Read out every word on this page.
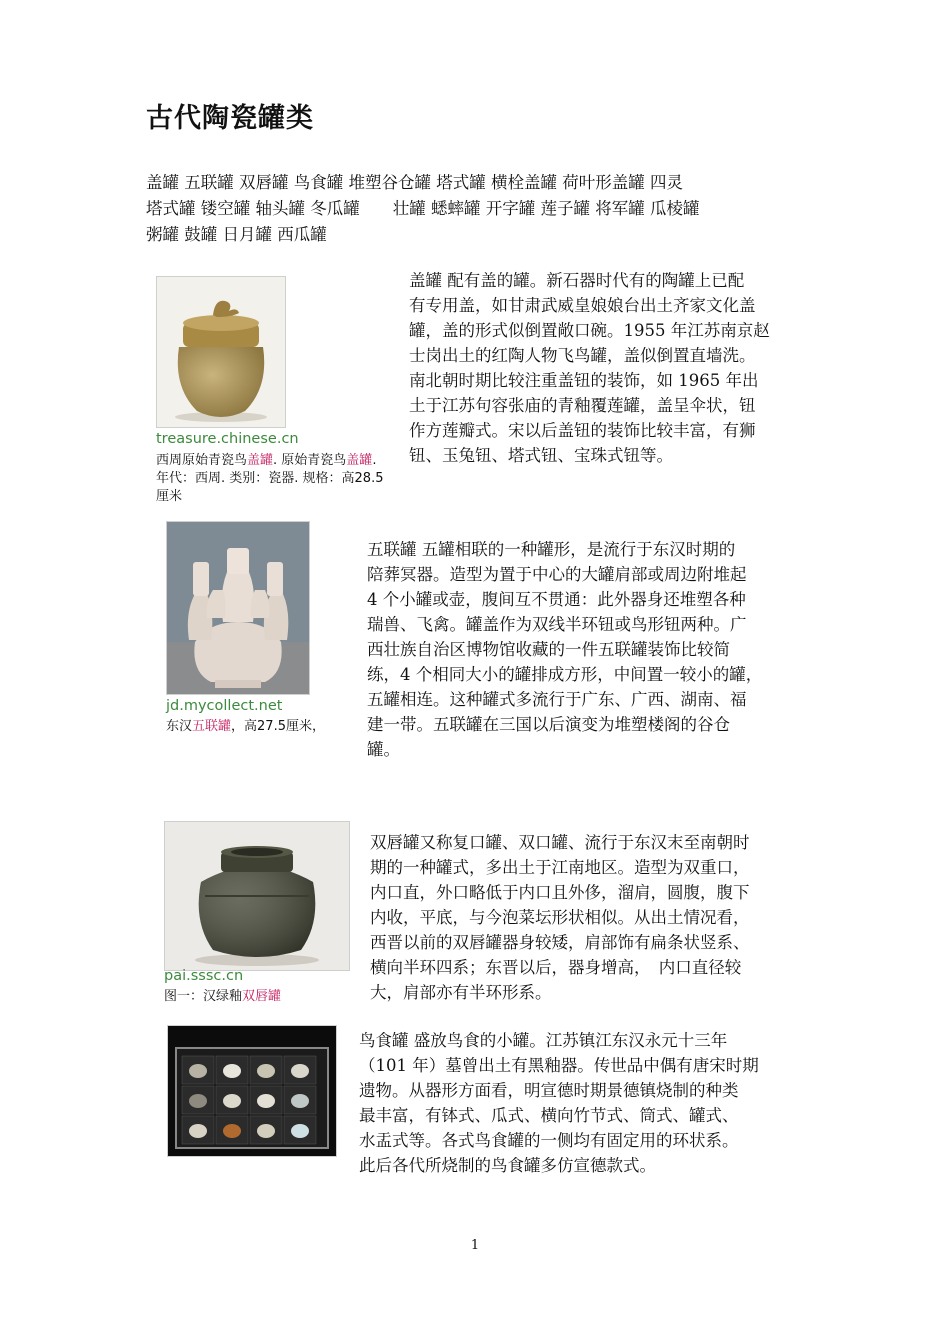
古代陶瓷罐类
盖罐 五联罐 双唇罐 鸟食罐 堆塑谷仓罐 塔式罐 横栓盖罐 荷叶形盖罐 四灵
塔式罐 镂空罐 轴头罐 冬瓜罐　　壮罐 蟋蟀罐 开字罐 莲子罐 将军罐 瓜棱罐
粥罐 鼓罐 日月罐 西瓜罐
treasure.chinese.cn
西周原始青瓷鸟盖罐. 原始青瓷鸟盖罐. 年代：西周. 类别：瓷器. 规格：高28.5厘米
盖罐 配有盖的罐。新石器时代有的陶罐上已配
有专用盖，如甘肃武威皇娘娘台出土齐家文化盖
罐，盖的形式似倒置敞口碗。1955 年江苏南京赵
士岗出土的红陶人物飞鸟罐，盖似倒置直墙洗。
南北朝时期比较注重盖钮的装饰，如 1965 年出
土于江苏句容张庙的青釉覆莲罐，盖呈伞状，钮
作方莲瓣式。宋以后盖钮的装饰比较丰富，有狮
钮、玉兔钮、塔式钮、宝珠式钮等。
jd.mycollect.net
东汉五联罐，高27.5厘米，
五联罐 五罐相联的一种罐形，是流行于东汉时期的
陪葬冥器。造型为置于中心的大罐肩部或周边附堆起
4 个小罐或壶，腹间互不贯通：此外器身还堆塑各种
瑞兽、飞禽。罐盖作为双线半环钮或鸟形钮两种。广
西壮族自治区博物馆收藏的一件五联罐装饰比较简
练，4 个相同大小的罐排成方形，中间置一较小的罐，
五罐相连。这种罐式多流行于广东、广西、湖南、福
建一带。五联罐在三国以后演变为堆塑楼阁的谷仓
罐。
pai.sssc.cn
图一：汉绿釉双唇罐
双唇罐又称复口罐、双口罐、流行于东汉末至南朝时
期的一种罐式，多出土于江南地区。造型为双重口，
内口直，外口略低于内口且外侈，溜肩，圆腹，腹下
内收，平底，与今泡菜坛形状相似。从出土情况看，
西晋以前的双唇罐器身较矮，肩部饰有扁条状竖系、
横向半环四系；东晋以后，器身增高，　内口直径较
大，肩部亦有半环形系。
鸟食罐 盛放鸟食的小罐。江苏镇江东汉永元十三年
（101 年）墓曾出土有黑釉器。传世品中偶有唐宋时期
遗物。从器形方面看，明宣德时期景德镇烧制的种类
最丰富，有钵式、瓜式、横向竹节式、筒式、罐式、
水盂式等。各式鸟食罐的一侧均有固定用的环状系。
此后各代所烧制的鸟食罐多仿宣德款式。
1
